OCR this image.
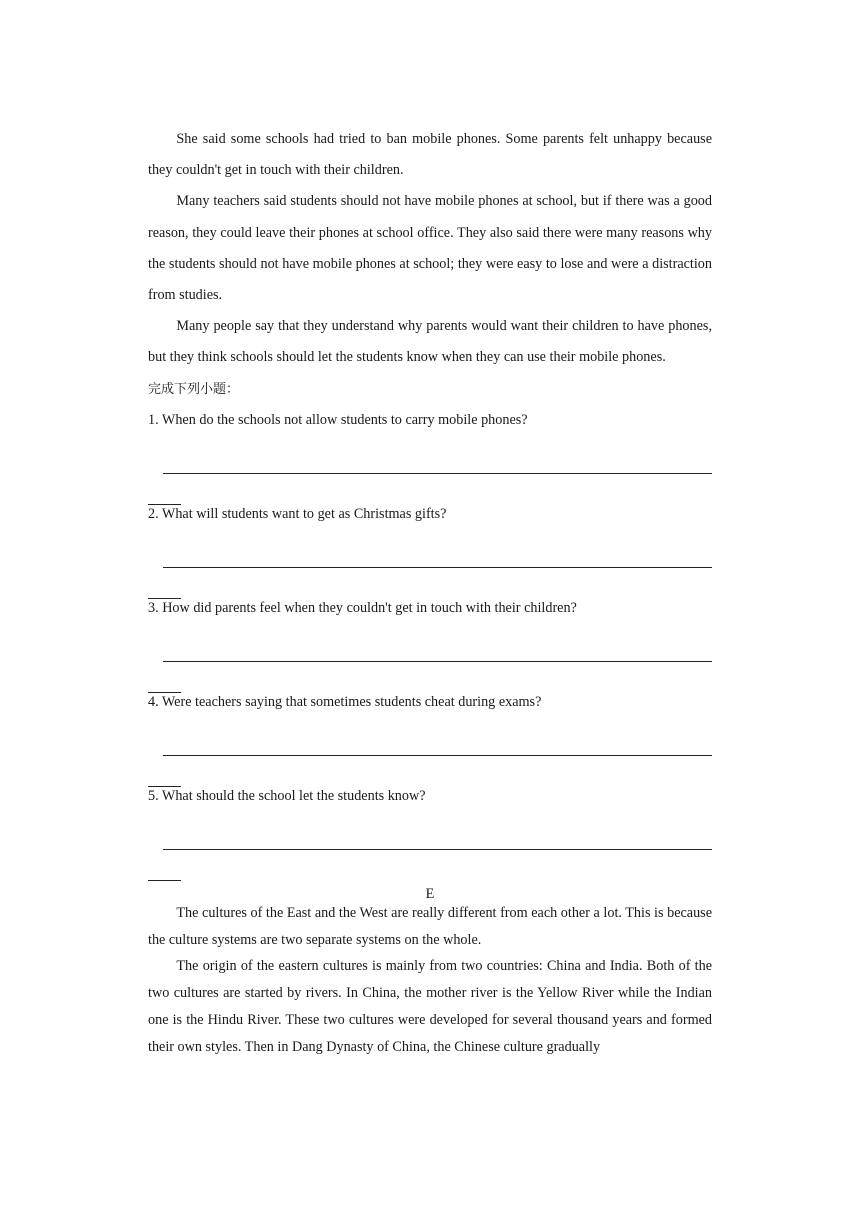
She said some schools had tried to ban mobile phones. Some parents felt unhappy because they couldn't get in touch with their children.

Many teachers said students should not have mobile phones at school, but if there was a good reason, they could leave their phones at school office. They also said there were many reasons why the students should not have mobile phones at school; they were easy to lose and were a distraction from studies.

Many people say that they understand why parents would want their children to have phones, but they think schools should let the students know when they can use their mobile phones.

完成下列小题：

1. When do the schools not allow students to carry mobile phones?

2. What will students want to get as Christmas gifts?

3. How did parents feel when they couldn't get in touch with their children?

4. Were teachers saying that sometimes students cheat during exams?

5. What should the school let the students know?

E

The cultures of the East and the West are really different from each other a lot. This is because the culture systems are two separate systems on the whole.

The origin of the eastern cultures is mainly from two countries: China and India. Both of the two cultures are started by rivers. In China, the mother river is the Yellow River while the Indian one is the Hindu River. These two cultures were developed for several thousand years and formed their own styles. Then in Dang Dynasty of China, the Chinese culture gradually
